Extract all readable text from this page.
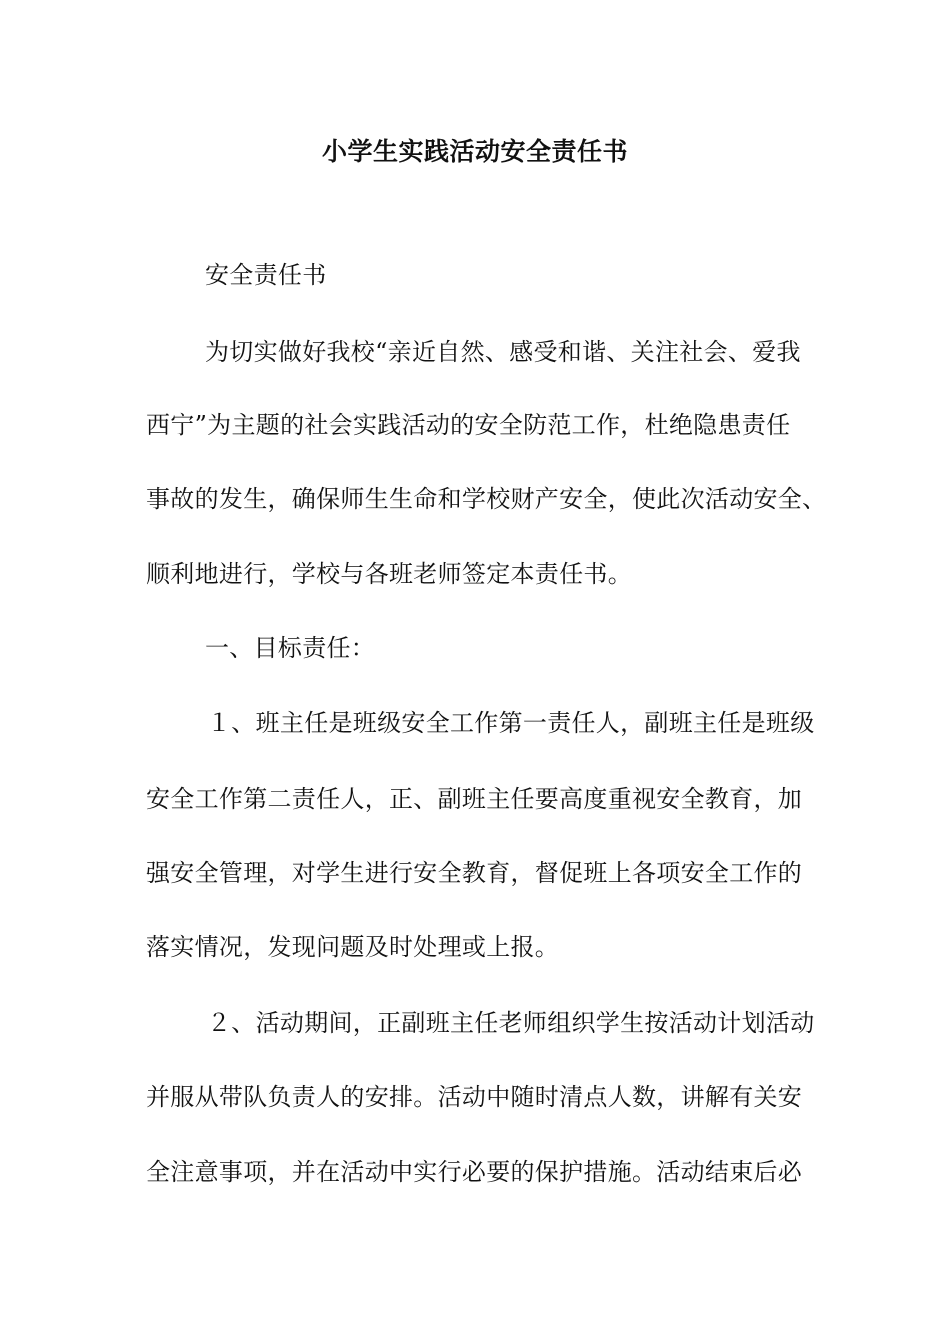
小学生实践活动安全责任书
安全责任书
为切实做好我校“亲近自然、感受和谐、关注社会、爱我
西宁”为主题的社会实践活动的安全防范工作，杜绝隐患责任
事故的发生，确保师生生命和学校财产安全，使此次活动安全、
顺利地进行，学校与各班老师签定本责任书。
一、目标责任：
１、班主任是班级安全工作第一责任人，副班主任是班级
安全工作第二责任人，正、副班主任要高度重视安全教育，加
强安全管理，对学生进行安全教育，督促班上各项安全工作的
落实情况，发现问题及时处理或上报。
２、活动期间，正副班主任老师组织学生按活动计划活动
并服从带队负责人的安排。活动中随时清点人数，讲解有关安
全注意事项，并在活动中实行必要的保护措施。活动结束后必
